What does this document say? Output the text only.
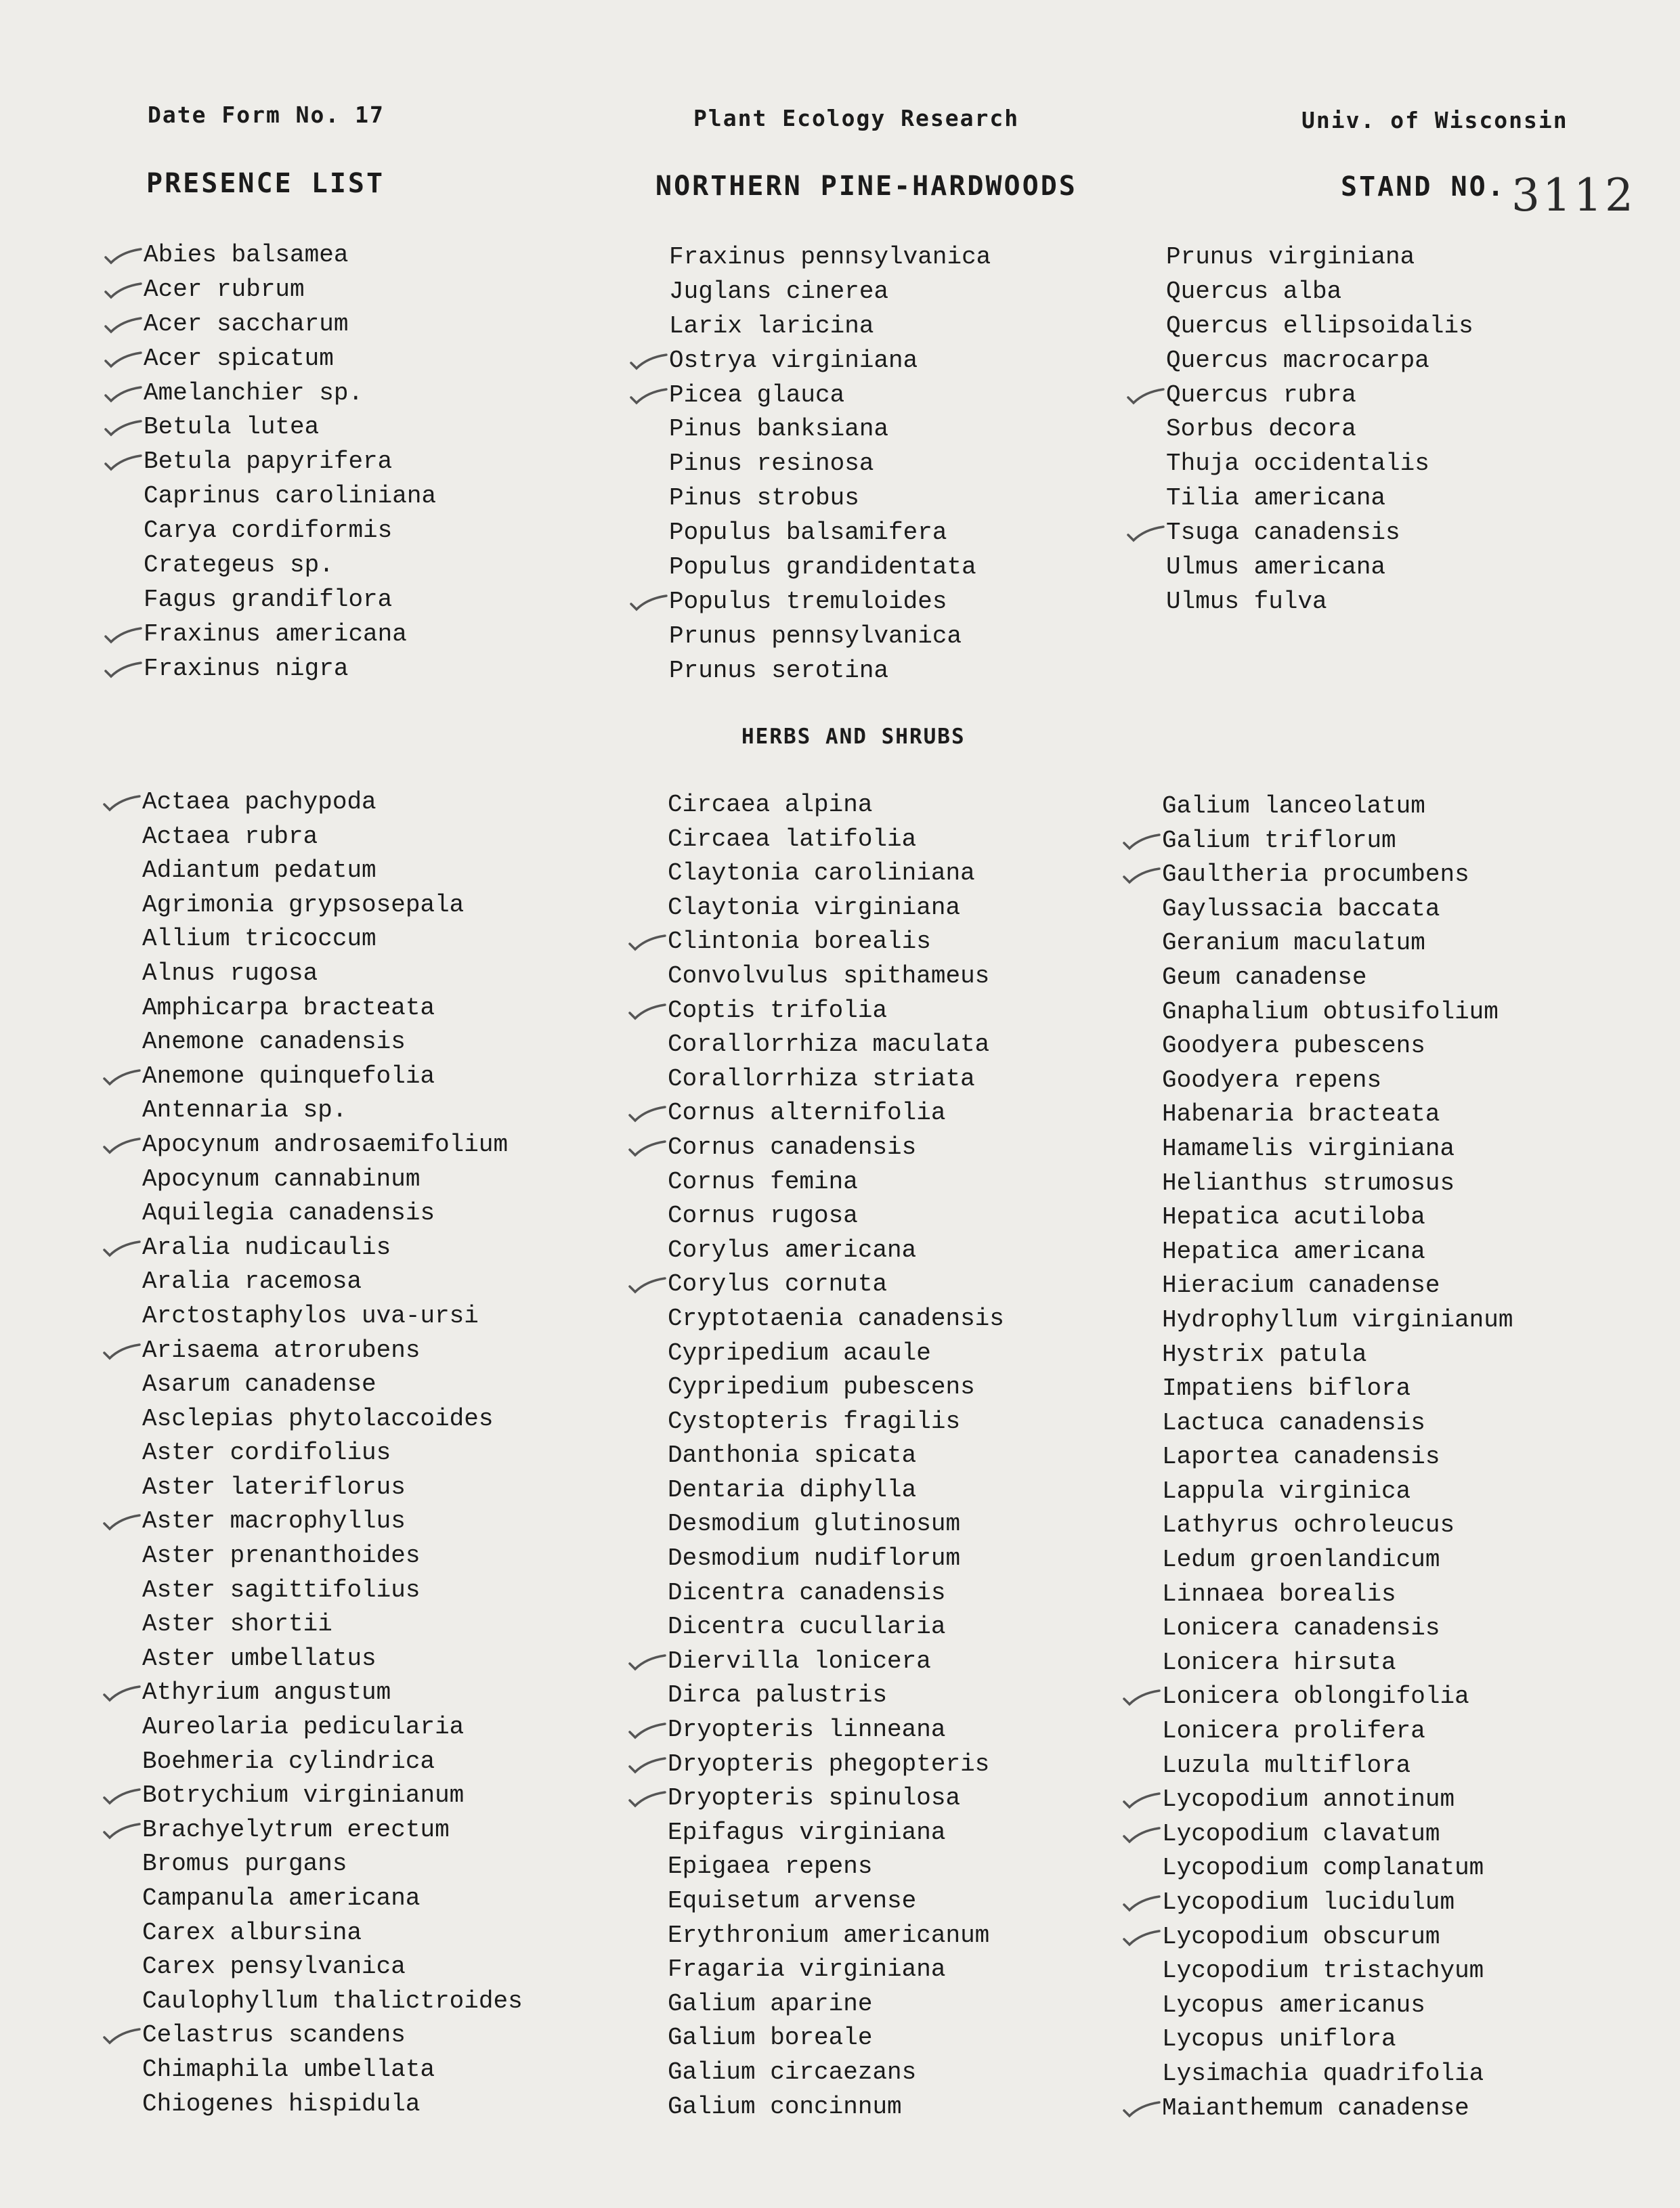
Date Form No. 17	Plant Ecology Research	Univ. of Wisconsin
PRESENCE LIST	NORTHERN PINE-HARDWOODS	STAND NO. 3112
Abies balsamea
Acer rubrum
Acer saccharum
Acer spicatum
Amelanchier sp.
Betula lutea
Betula papyrifera
Caprinus caroliniana
Carya cordiformis
Crategeus sp.
Fagus grandiflora
Fraxinus americana
Fraxinus nigra
Fraxinus pennsylvanica
Juglans cinerea
Larix laricina
Ostrya virginiana
Picea glauca
Pinus banksiana
Pinus resinosa
Pinus strobus
Populus balsamifera
Populus grandidentata
Populus tremuloides
Prunus pennsylvanica
Prunus serotina
Prunus virginiana
Quercus alba
Quercus ellipsoidalis
Quercus macrocarpa
Quercus rubra
Sorbus decora
Thuja occidentalis
Tilia americana
Tsuga canadensis
Ulmus americana
Ulmus fulva
HERBS AND SHRUBS
Actaea pachypoda
Actaea rubra
Adiantum pedatum
Agrimonia grypsosepala
Allium tricoccum
Alnus rugosa
Amphicarpa bracteata
Anemone canadensis
Anemone quinquefolia
Antennaria sp.
Apocynum androsaemifolium
Apocynum cannabinum
Aquilegia canadensis
Aralia nudicaulis
Aralia racemosa
Arctostaphylos uva-ursi
Arisaema atrorubens
Asarum canadense
Asclepias phytolaccoides
Aster cordifolius
Aster lateriflorus
Aster macrophyllus
Aster prenanthoides
Aster sagittifolius
Aster shortii
Aster umbellatus
Athyrium angustum
Aureolaria pedicularia
Boehmeria cylindrica
Botrychium virginianum
Brachyelytrum erectum
Bromus purgans
Campanula americana
Carex albursina
Carex pensylvanica
Caulophyllum thalictroides
Celastrus scandens
Chimaphila umbellata
Chiogenes hispidula
Circaea alpina
Circaea latifolia
Claytonia caroliniana
Claytonia virginiana
Clintonia borealis
Convolvulus spithameus
Coptis trifolia
Corallorrhiza maculata
Corallorrhiza striata
Cornus alternifolia
Cornus canadensis
Cornus femina
Cornus rugosa
Corylus americana
Corylus cornuta
Cryptotaenia canadensis
Cypripedium acaule
Cypripedium pubescens
Cystopteris fragilis
Danthonia spicata
Dentaria diphylla
Desmodium glutinosum
Desmodium nudiflorum
Dicentra canadensis
Dicentra cucullaria
Diervilla lonicera
Dirca palustris
Dryopteris linneana
Dryopteris phegopteris
Dryopteris spinulosa
Epifagus virginiana
Epigaea repens
Equisetum arvense
Erythronium americanum
Fragaria virginiana
Galium aparine
Galium boreale
Galium circaezans
Galium concinnum
Galium lanceolatum
Galium triflorum
Gaultheria procumbens
Gaylussacia baccata
Geranium maculatum
Geum canadense
Gnaphalium obtusifolium
Goodyera pubescens
Goodyera repens
Habenaria bracteata
Hamamelis virginiana
Helianthus strumosus
Hepatica acutiloba
Hepatica americana
Hieracium canadense
Hydrophyllum virginianum
Hystrix patula
Impatiens biflora
Lactuca canadensis
Laportea canadensis
Lappula virginica
Lathyrus ochroleucus
Ledum groenlandicum
Linnaea borealis
Lonicera canadensis
Lonicera hirsuta
Lonicera oblongifolia
Lonicera prolifera
Luzula multiflora
Lycopodium annotinum
Lycopodium clavatum
Lycopodium complanatum
Lycopodium lucidulum
Lycopodium obscurum
Lycopodium tristachyum
Lycopus americanus
Lycopus uniflora
Lysimachia quadrifolia
Maianthemum canadense
